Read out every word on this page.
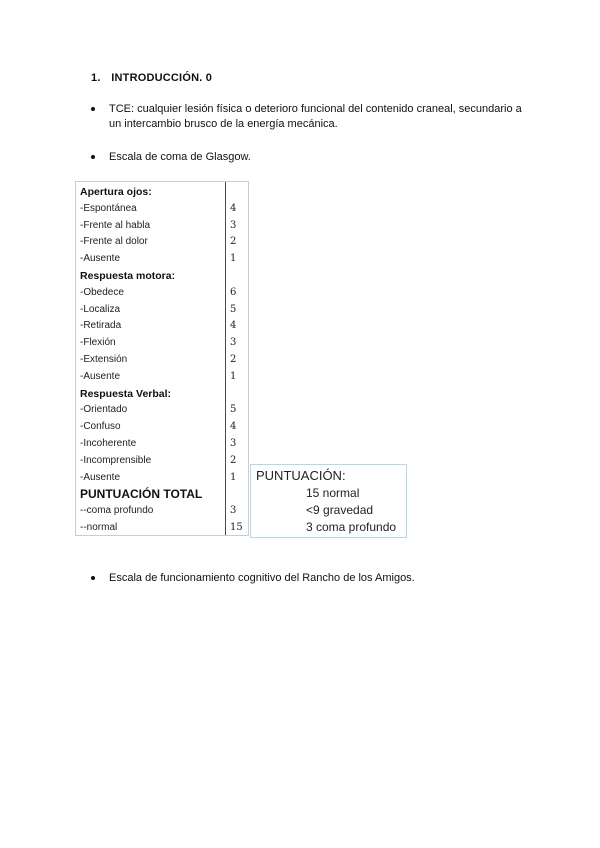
1. INTRODUCCIÓN. 0
TCE: cualquier lesión física o deterioro funcional del contenido craneal, secundario a un intercambio brusco de la energía mecánica.
Escala de coma de Glasgow.
Apertura ojos:
-Espontánea	4
-Frente al habla	3
-Frente al dolor	2
-Ausente	1
Respuesta motora:
-Obedece	6
-Localiza	5
-Retirada	4
-Flexión	3
-Extensión	2
-Ausente	1
Respuesta Verbal:
-Orientado	5
-Confuso	4
-Incoherente	3
-Incomprensible	2
-Ausente	1
PUNTUACIÓN TOTAL
--coma profundo	3
--normal	15
PUNTUACIÓN:
15 normal
<9 gravedad
3 coma profundo
Escala de funcionamiento cognitivo del Rancho de los Amigos.
